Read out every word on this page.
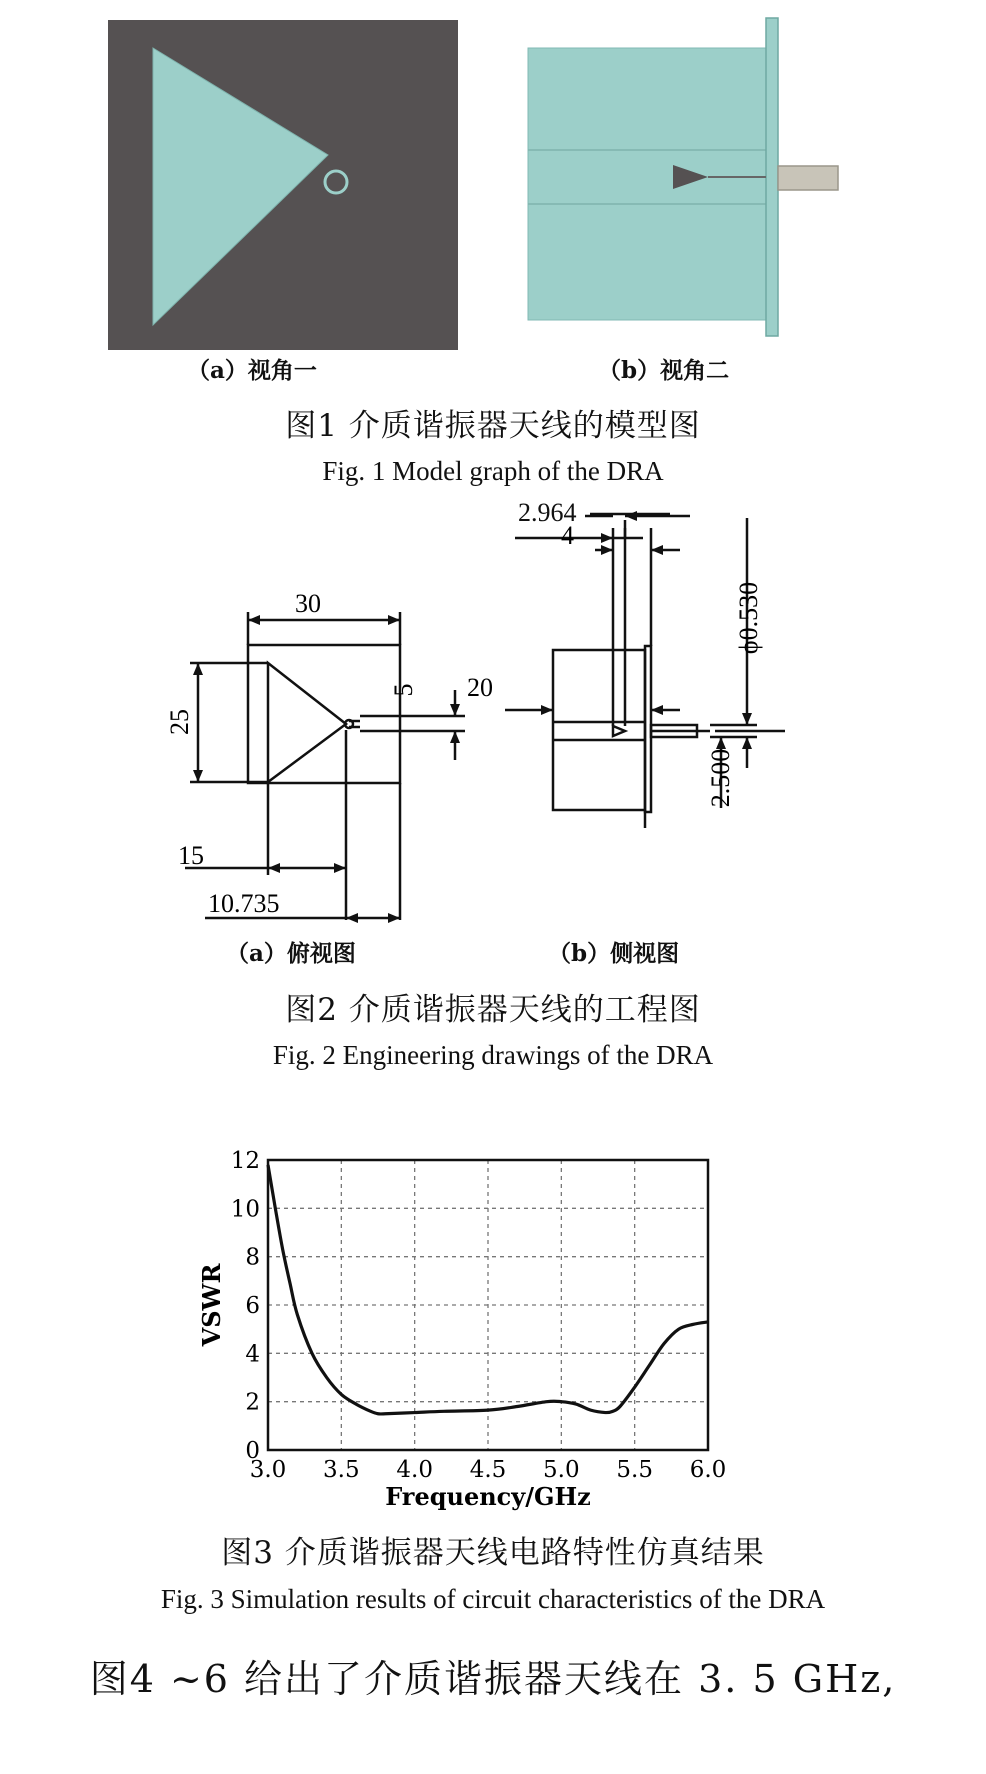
（a）视角一	（b）视角二
图1 介质谐振器天线的模型图
Fig. 1 Model graph of the DRA
30
25
5
15
10.735
20
4
ϕ0.530
2.500
2.964
（a）俯视图	（b）侧视图
图2 介质谐振器天线的工程图
Fig. 2 Engineering drawings of the DRA
3.0 3.5 4.0 4.5 5.0 5.5 6.0
0
2
4
6
8
10
12
Frequency/GHz
VSWR
图3 介质谐振器天线电路特性仿真结果
Fig. 3 Simulation results of circuit characteristics of the DRA
图4 ~6 给出了介质谐振器天线在 3. 5 GHz,
